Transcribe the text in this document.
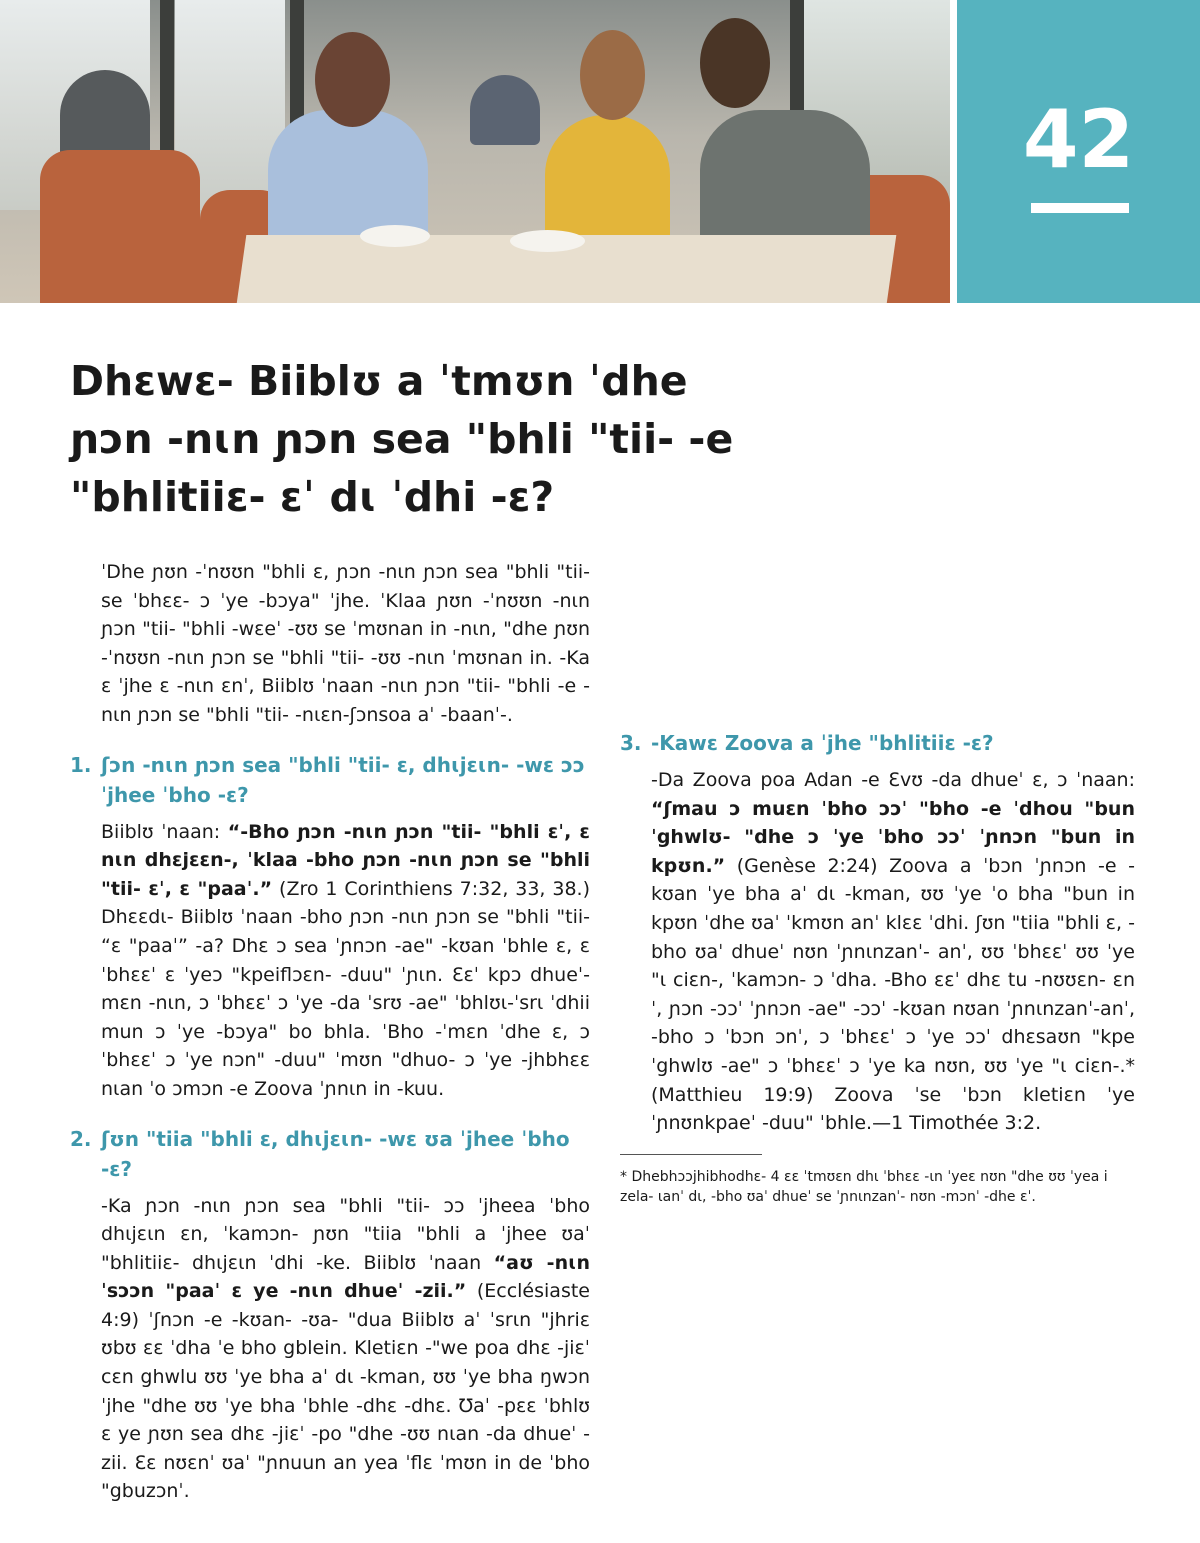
42
Dhɛwɛ- Biiblʊ a ˈtmʊn ˈdhe ɲɔn -nɩn ɲɔn sea "bhli "tii- -e "bhlitiiɛ- ɛˈ dɩ ˈdhi -ɛ?

ˈDhe ɲʊn -ˈnʊʊn "bhli ɛ, ɲɔn -nɩn ɲɔn sea "bhli "tii- se ˈbhɛɛ- ɔ ˈye -bɔya" ˈjhe. ˈKlaa ɲʊn -ˈnʊʊn -nɩn ɲɔn "tii- "bhli -wɛeˈ -ʊʊ se ˈmʊnan in -nɩn, "dhe ɲʊn -ˈnʊʊn -nɩn ɲɔn se "bhli "tii- -ʊʊ -nɩn ˈmʊnan in. -Ka ɛ ˈjhe ɛ -nɩn ɛnˈ, Biiblʊ ˈnaan -nɩn ɲɔn "tii- "bhli -e -nɩn ɲɔn se "bhli "tii- -nɩɛn-ʃɔnsoa aˈ -baanˈ-.

1. ʃɔn -nɩn ɲɔn sea "bhli "tii- ɛ, dhɩjɛɩn- -wɛ ɔɔ ˈjhee ˈbho -ɛ?

Biiblʊ ˈnaan: “-Bho ɲɔn -nɩn ɲɔn "tii- "bhli ɛˈ, ɛ nɩn dhɛjɛɛn-, ˈklaa -bho ɲɔn -nɩn ɲɔn se "bhli "tii- ɛˈ, ɛ "paaˈ.” (Zro 1 Corinthiens 7:32, 33, 38.) Dhɛɛdɩ- Biiblʊ ˈnaan -bho ɲɔn -nɩn ɲɔn se "bhli "tii- “ɛ "paaˈ” -a? Dhɛ ɔ sea ˈɲnɔn -ae" -kʊan ˈbhle ɛ, ɛ ˈbhɛɛˈ ɛ ˈyeɔ "kpeiflɔɛn- -duu" ˈɲɩn. Ɛɛˈ kpɔ dhueˈ-mɛn -nɩn, ɔ ˈbhɛɛˈ ɔ ˈye -da ˈsrʊ -ae" ˈbhlʊɩ-ˈsrɩ ˈdhii mun ɔ ˈye -bɔya" bo bhla. ˈBho -ˈmɛn ˈdhe ɛ, ɔ ˈbhɛɛˈ ɔ ˈye nɔn" -duu" ˈmʊn "dhuo- ɔ ˈye -jhbhɛɛ nɩan ˈo ɔmɔn -e Zoova ˈɲnɩn in -kuu.

2. ʃʊn "tiia "bhli ɛ, dhɩjɛɩn- -wɛ ʊa ˈjhee ˈbho -ɛ?

-Ka ɲɔn -nɩn ɲɔn sea "bhli "tii- ɔɔ ˈjheea ˈbho dhɩjɛɩn ɛn, ˈkamɔn- ɲʊn "tiia "bhli a ˈjhee ʊaˈ "bhlitiiɛ- dhɩjɛɩn ˈdhi -ke. Biiblʊ ˈnaan “aʊ -nɩn ˈsɔɔn "paaˈ ɛ ye -nɩn dhueˈ -zii.” (Ecclésiaste 4:9) ˈʃnɔn -e -kʊan- -ʊa- "dua Biiblʊ aˈ ˈsrɩn "jhriɛ ʊbʊ ɛɛ ˈdha ˈe bho gblein. Kletiɛn -"we poa dhɛ -jiɛˈ cɛn ghwlu ʊʊ ˈye bha aˈ dɩ -kman, ʊʊ ˈye bha ŋwɔn ˈjhe "dhe ʊʊ ˈye bha ˈbhle -dhɛ -dhɛ. Ʊaˈ -pɛɛ ˈbhlʊ ɛ ye ɲʊn sea dhɛ -jiɛˈ -po "dhe -ʊʊ nɩan -da dhueˈ -zii. Ɛɛ nʊɛnˈ ʊaˈ "ɲnuun an yea ˈflɛ ˈmʊn in de ˈbho "gbuzɔnˈ.

3. -Kawɛ Zoova a ˈjhe "bhlitiiɛ -ɛ?

-Da Zoova poa Adan -e Ɛvʊ -da dhueˈ ɛ, ɔ ˈnaan: “ʃmau ɔ muɛn ˈbho ɔɔˈ "bho -e ˈdhou "bun ˈghwlʊ- "dhe ɔ ˈye ˈbho ɔɔˈ ˈɲnɔn "bun in kpʊn.” (Genèse 2:24) Zoova a ˈbɔn ˈɲnɔn -e -kʊan ˈye bha aˈ dɩ -kman, ʊʊ ˈye ˈo bha "bun in kpʊn ˈdhe ʊaˈ ˈkmʊn anˈ klɛɛ ˈdhi. ʃʊn "tiia "bhli ɛ, -bho ʊaˈ dhueˈ nʊn ˈɲnɩnzanˈ- anˈ, ʊʊ ˈbhɛɛˈ ʊʊ ˈye "ɩ ciɛn-, ˈkamɔn- ɔ ˈdha. -Bho ɛɛˈ dhɛ tu -nʊʊɛn- ɛnˈ, ɲɔn -ɔɔˈ ˈɲnɔn -ae" -ɔɔˈ -kʊan nʊan ˈɲnɩnzanˈ-anˈ, -bho ɔ ˈbɔn ɔnˈ, ɔ ˈbhɛɛˈ ɔ ˈye ɔɔˈ dhɛsaʊn "kpe ˈghwlʊ -ae" ɔ ˈbhɛɛˈ ɔ ˈye ka nʊn, ʊʊ ˈye "ɩ ciɛn-.* (Matthieu 19:9) Zoova ˈse ˈbɔn kletiɛn ˈye ˈɲnʊnkpaeˈ -duu" ˈbhle.—1 Timothée 3:2.

* Dhebhɔɔjhibhodhɛ- 4 ɛɛ ˈtmʊɛn dhɩ ˈbhɛɛ -ɩn ˈyeɛ nʊn "dhe ʊʊ ˈyea i zela- ɩanˈ dɩ, -bho ʊaˈ dhueˈ se ˈɲnɩnzanˈ- nʊn -mɔnˈ -dhe ɛˈ.
